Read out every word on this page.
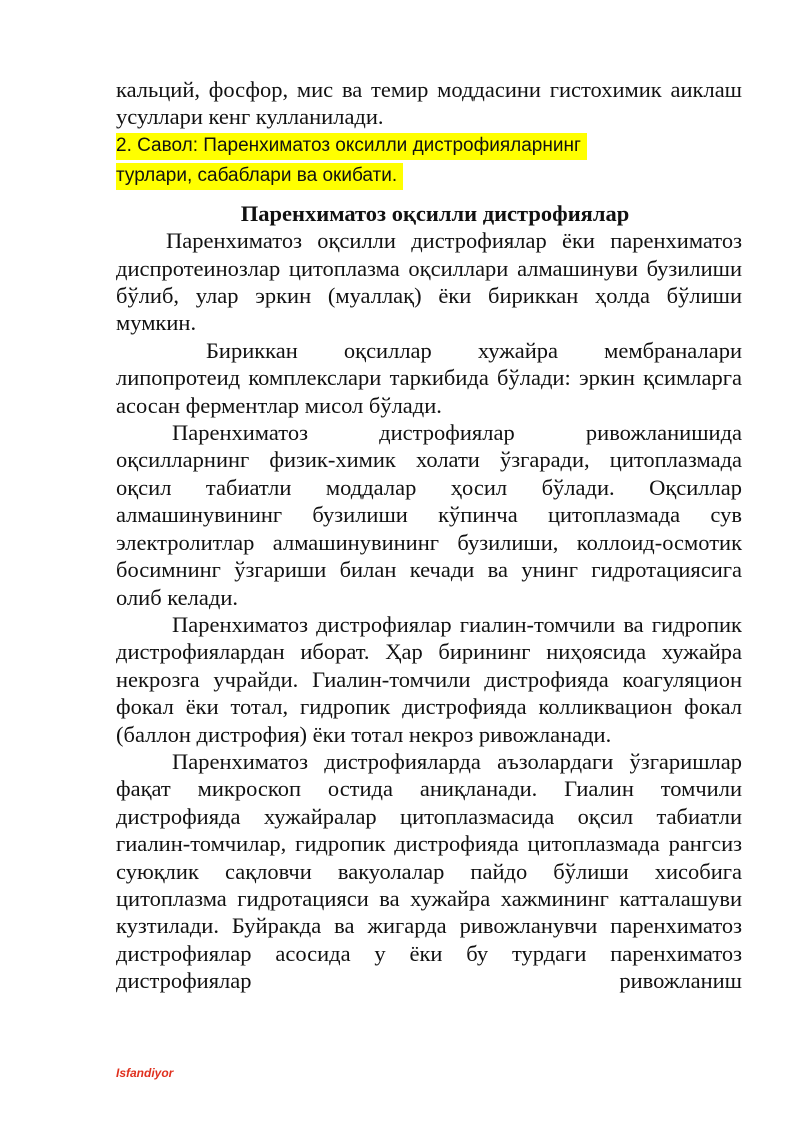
кальций, фосфор, мис ва темир моддасини гистохимик аиклаш усуллари кенг кулланилади.

2. Савол: Паренхиматоз оксилли дистрофияларнинг
турлари, сабаблари ва окибати.

Паренхиматоз оқсилли дистрофиялар

Паренхиматоз оқсилли дистрофиялар ёки паренхиматоз диспротеинозлар цитоплазма оқсиллари алмашинуви бузилиши бўлиб, улар эркин (муаллақ) ёки бириккан ҳолда бўлиши мумкин.

Бириккан оқсиллар хужайра мембраналари липопротеид комплекслари таркибида бўлади: эркин қсимларга асосан ферментлар мисол бўлади.

Паренхиматоз дистрофиялар ривожланишида оқсилларнинг физик-химик холати ўзгаради, цитоплазмада оқсил табиатли моддалар ҳосил бўлади. Оқсиллар алмашинувининг бузилиши кўпинча цитоплазмада сув электролитлар алмашинувининг бузилиши, коллоид-осмотик босимнинг ўзгариши билан кечади ва унинг гидротациясига олиб келади.

Паренхиматоз дистрофиялар гиалин-томчили ва гидропик дистрофиялардан иборат. Ҳар бирининг ниҳоясида хужайра некрозга учрайди. Гиалин-томчили дистрофияда коагуляцион фокал ёки тотал, гидропик дистрофияда колликвацион фокал (баллон дистрофия) ёки тотал некроз ривожланади.

Паренхиматоз дистрофияларда аъзолардаги ўзгаришлар фақат микроскоп остида аниқланади. Гиалин томчили дистрофияда хужайралар цитоплазмасида оқсил табиатли гиалин-томчилар, гидропик дистрофияда цитоплазмада рангсиз суюқлик сақловчи вакуолалар пайдо бўлиши хисобига цитоплазма гидротацияси ва хужайра хажмининг катталашуви кузтилади. Буйракда ва жигарда ривожланувчи паренхиматоз дистрофиялар асосида у ёки бу турдаги паренхиматоз дистрофиялар ривожланиш

Isfandiyor
